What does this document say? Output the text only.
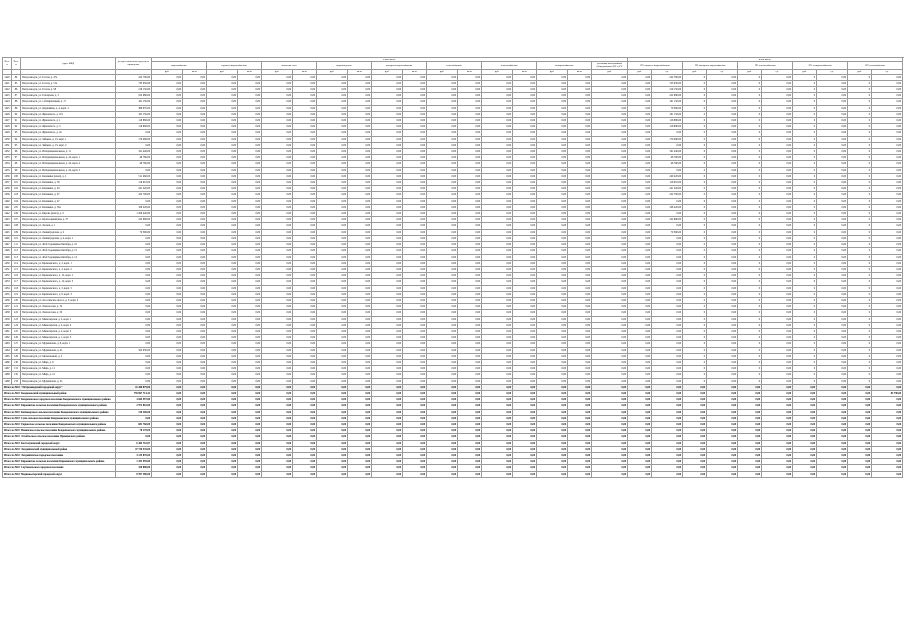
№ п/п	№ п/п	Адрес МКД	резерв заложенных средств на проведение	в том числе:																	в том числе:									
				водоснабжение		горячего водоснабжения		отопление стен		водоотведения		холодного водоснабжения		газоснабжения		теплоснабжения		электроснабжения		установка коллективных (общедомовых) ПУ и УУ	ПУ горячего водоснабжения		ПУ холодного водоснабжения		ПУ теплоснабжения		ПУ электроснабжения		ПУ газоснабжения	

				руб.	кв.м.	руб.	кв.м.	руб.	кв.м.	руб.	кв.м.	руб.	кв.м.	руб.	кв.м.	руб.	кв.м.	руб.	кв.м.	руб.	руб.	ед.	руб.	ед.	руб.	ед.	руб.	ед.	руб.	ед.
1420	84	Петрозаводск, ул. Гоголя, д. 47а	222 700,00	0,00	0,00	0,00	0,00	0,00	0,00	0,00	0,00	0,00	0,00	0,00	0,00	0,00	0,00	0,00	0,00	0,00	0,00	222 700,00	0	0,00	0	0,00	0	0,00	0	0,00
1421	85	Петрозаводск, ул. Гоголя, д. 51а	733 050,00	0,00	0,00	0,00	0,00	0,00	0,00	0,00	0,00	0,00	0,00	0,00	0,00	0,00	0,00	0,00	0,00	0,00	0,00	153 050,00	0	0,00	0	0,00	0	0,00	0	0,00
1422	86	Петрозаводск, ул. Гоголя, д. 58	216 150,00	0,00	0,00	0,00	0,00	0,00	0,00	0,00	0,00	0,00	0,00	0,00	0,00	0,00	0,00	0,00	0,00	0,00	0,00	216 150,00	0	0,00	0	0,00	0	0,00	0	0,00
1423	87	Петрозаводск, ул. Гончарова, д. 3	222 680,00	0,00	0,00	0,00	0,00	0,00	0,00	0,00	0,00	0,00	0,00	0,00	0,00	0,00	0,00	0,00	0,00	0,00	0,00	222 680,00	0	0,00	0	0,00	0	0,00	0	0,00
1424	88	Петрозаводск, ул. 1-й Кирпичный, д. 17	161 150,00	0,00	0,00	0,00	0,00	0,00	0,00	0,00	0,00	0,00	0,00	0,00	0,00	0,00	0,00	0,00	0,00	0,00	0,00	161 150,00	0	0,00	0	0,00	0	0,00	0	0,00
1425	89	Петрозаводск, ул. Державина, д. 4, корп. 2	389 970,00	0,00	0,00	0,00	0,00	0,00	0,00	0,00	0,00	0,00	0,00	0,00	0,00	0,00	0,00	0,00	0,00	0,00	0,00	70 390,00	0	0,00	0	0,00	0	0,00	0	0,00
1426	90	Петрозаводск, ул. Жуковского, д. 47а	161 150,00	0,00	0,00	0,00	0,00	0,00	0,00	0,00	0,00	0,00	0,00	0,00	0,00	0,00	0,00	0,00	0,00	0,00	0,00	161 150,00	0	0,00	0	0,00	0	0,00	0	0,00
1427	91	Петрозаводск, ул. Жуковского, д. 1	116 880,00	0,00	0,00	0,00	0,00	0,00	0,00	0,00	0,00	0,00	0,00	0,00	0,00	0,00	0,00	0,00	0,00	0,00	0,00	116 880,00	0	0,00	0	0,00	0	0,00	0	0,00
1428	92	Петрозаводск, ул. Жуковского, д. 3	116 880,00	0,00	0,00	0,00	0,00	0,00	0,00	0,00	0,00	0,00	0,00	0,00	0,00	0,00	0,00	0,00	0,00	0,00	0,00	116 880,00	0	0,00	0	0,00	0	0,00	0	0,00
1429	93	Петрозаводск, ул. Жуковского, д. 4а	0,00	0,00	0,00	0,00	0,00	0,00	0,00	0,00	0,00	0,00	0,00	0,00	0,00	0,00	0,00	0,00	0,00	0,00	0,00	0,00	0	0,00	0	0,00	0	0,00	0	0,00
1430	94	Петрозаводск, ул. Зайцева, д. 13, корп. 1	170 480,00	0,00	0,00	0,00	0,00	0,00	0,00	0,00	0,00	0,00	0,00	0,00	0,00	0,00	0,00	0,00	0,00	0,00	0,00	170 480,00	0	0,00	0	0,00	0	0,00	0	0,00
1431	95	Петрозаводск, ул. Зайцева, д. 13, корп. 2	0,00	0,00	0,00	0,00	0,00	0,00	0,00	0,00	0,00	0,00	0,00	0,00	0,00	0,00	0,00	0,00	0,00	0,00	0,00	0,00	0	0,00	0	0,00	0	0,00	0	0,00
1432	96	Петрозаводск, ул. Интернациональная, д. 11	191 440,00	0,00	0,00	0,00	0,00	0,00	0,00	0,00	0,00	0,00	0,00	0,00	0,00	0,00	0,00	0,00	0,00	0,00	0,00	191 440,00	0	0,00	0	0,00	0	0,00	0	0,00
1433	97	Петрозаводск, ул. Интернациональная, д. 24, корп. 1	46 760,00	0,00	0,00	0,00	0,00	0,00	0,00	0,00	0,00	0,00	0,00	0,00	0,00	0,00	0,00	0,00	0,00	0,00	0,00	46 760,00	0	0,00	0	0,00	0	0,00	0	0,00
1434	98	Петрозаводск, ул. Интернациональная, д. 24, корп. 4	46 760,00	0,00	0,00	0,00	0,00	0,00	0,00	0,00	0,00	0,00	0,00	0,00	0,00	0,00	0,00	0,00	0,00	0,00	0,00	46 760,00	0	0,00	0	0,00	0	0,00	0	0,00
1435	99	Петрозаводск, ул. Интернациональная, д. 24, корп. 3	0,00	0,00	0,00	0,00	0,00	0,00	0,00	0,00	0,00	0,00	0,00	0,00	0,00	0,00	0,00	0,00	0,00	0,00	0,00	0,00	0	0,00	0	0,00	0	0,00	0	0,00
1436	100	Петрозаводск, ул. Калинина (ключ), д. 1	511 460,00	0,00	0,00	0,00	0,00	0,00	0,00	0,00	0,00	0,00	0,00	0,00	0,00	0,00	0,00	0,00	0,00	0,00	0,00	240 220,00	0	0,00	0	0,00	0	0,00	0	0,00
1437	101	Петрозаводск, ул. Калинина, д. 39	116 010,00	0,00	0,00	0,00	0,00	0,00	0,00	0,00	0,00	0,00	0,00	0,00	0,00	0,00	0,00	0,00	0,00	0,00	0,00	116 010,00	0	0,00	0	0,00	0	0,00	0	0,00
1438	102	Петрозаводск, ул. Калинина, д. 43	241 220,00	0,00	0,00	0,00	0,00	0,00	0,00	0,00	0,00	0,00	0,00	0,00	0,00	0,00	0,00	0,00	0,00	0,00	0,00	241 220,00	0	0,00	0	0,00	0	0,00	0	0,00
1439	103	Петрозаводск, ул. Калинина, д. 47	222 700,00	0,00	0,00	0,00	0,00	0,00	0,00	0,00	0,00	0,00	0,00	0,00	0,00	0,00	0,00	0,00	0,00	0,00	0,00	222 700,00	0	0,00	0	0,00	0	0,00	0	0,00
1440	104	Петрозаводск, ул. Калинина, д. 47	0,00	0,00	0,00	0,00	0,00	0,00	0,00	0,00	0,00	0,00	0,00	0,00	0,00	0,00	0,00	0,00	0,00	0,00	0,00	0,00	0	0,00	0	0,00	0	0,00	0	0,00
1441	105	Петрозаводск, ул. Калинина, д. 50а	108 220,00	0,00	0,00	0,00	0,00	0,00	0,00	0,00	0,00	0,00	0,00	0,00	0,00	0,00	0,00	0,00	0,00	0,00	0,00	108 220,00	0	0,00	0	0,00	0	0,00	0	0,00
1442	106	Петрозаводск, ул. Кирова (ключ), д. 4	1 209 440,00	0,00	0,00	0,00	0,00	0,00	0,00	0,00	0,00	0,00	0,00	0,00	0,00	0,00	0,00	0,00	0,00	0,00	0,00	0,00	0	0,00	0	0,00	0	0,00	0	0,00
1443	107	Петрозаводск, ул. Красноармейская, д. 37	222 680,00	0,00	0,00	0,00	0,00	0,00	0,00	0,00	0,00	0,00	0,00	0,00	0,00	0,00	0,00	0,00	0,00	0,00	0,00	222 680,00	0	0,00	0	0,00	0	0,00	0	0,00
1444	108	Петрозаводск, ул. Лесная, д. 1	0,00	0,00	0,00	0,00	0,00	0,00	0,00	0,00	0,00	0,00	0,00	0,00	0,00	0,00	0,00	0,00	0,00	0,00	0,00	0,00	0	0,00	0	0,00	0	0,00	0	0,00
1445	109	Петрозаводск, ул. Ленинградская, д. 2	70 390,00	0,00	0,00	0,00	0,00	0,00	0,00	0,00	0,00	0,00	0,00	0,00	0,00	0,00	0,00	0,00	0,00	0,00	0,00	70 390,00	0	0,00	0	0,00	0	0,00	0	0,00
1446	110	Петрозаводск, ул. Ленинградская, д. 4, корп. 1	0,00	0,00	0,00	0,00	0,00	0,00	0,00	0,00	0,00	0,00	0,00	0,00	0,00	0,00	0,00	0,00	0,00	0,00	0,00	0,00	0	0,00	0	0,00	0	0,00	0	0,00
1447	111	Петрозаводск, ул. 40-й Годовщины Октября, д. 10	0,00	0,00	0,00	0,00	0,00	0,00	0,00	0,00	0,00	0,00	0,00	0,00	0,00	0,00	0,00	0,00	0,00	0,00	0,00	0,00	0	0,00	0	0,00	0	0,00	0	0,00
1448	112	Петрозаводск, ул. 40-й Годовщины Октября, д. 12	0,00	0,00	0,00	0,00	0,00	0,00	0,00	0,00	0,00	0,00	0,00	0,00	0,00	0,00	0,00	0,00	0,00	0,00	0,00	0,00	0	0,00	0	0,00	0	0,00	0	0,00
1449	113	Петрозаводск, ул. 40-й Годовщины Октября, д. 14	0,00	0,00	0,00	0,00	0,00	0,00	0,00	0,00	0,00	0,00	0,00	0,00	0,00	0,00	0,00	0,00	0,00	0,00	0,00	0,00	0	0,00	0	0,00	0	0,00	0	0,00
1450	114	Петрозаводск, ул. Кремлевского, д. 2, корп. 1	0,00	0,00	0,00	0,00	0,00	0,00	0,00	0,00	0,00	0,00	0,00	0,00	0,00	0,00	0,00	0,00	0,00	0,00	0,00	0,00	0	0,00	0	0,00	0	0,00	0	0,00
1451	115	Петрозаводск, ул. Кремлевского, д. 2, корп. 2	0,00	0,00	0,00	0,00	0,00	0,00	0,00	0,00	0,00	0,00	0,00	0,00	0,00	0,00	0,00	0,00	0,00	0,00	0,00	0,00	0	0,00	0	0,00	0	0,00	0	0,00
1452	116	Петрозаводск, ул. Кремлевского, д. 12, корп. 1	0,00	0,00	0,00	0,00	0,00	0,00	0,00	0,00	0,00	0,00	0,00	0,00	0,00	0,00	0,00	0,00	0,00	0,00	0,00	0,00	0	0,00	0	0,00	0	0,00	0	0,00
1453	117	Петрозаводск, ул. Кремлевского, д. 12, корп. 3	0,00	0,00	0,00	0,00	0,00	0,00	0,00	0,00	0,00	0,00	0,00	0,00	0,00	0,00	0,00	0,00	0,00	0,00	0,00	0,00	0	0,00	0	0,00	0	0,00	0	0,00
1454	118	Петрозаводск, ул. Кремлевского, д. 3, корп. 5	0,00	0,00	0,00	0,00	0,00	0,00	0,00	0,00	0,00	0,00	0,00	0,00	0,00	0,00	0,00	0,00	0,00	0,00	0,00	0,00	0	0,00	0	0,00	0	0,00	0	0,00
1455	119	Петрозаводск, ул. Кремлевского, д. 8, корп. 3	0,00	0,00	0,00	0,00	0,00	0,00	0,00	0,00	0,00	0,00	0,00	0,00	0,00	0,00	0,00	0,00	0,00	0,00	0,00	0,00	0	0,00	0	0,00	0	0,00	0	0,00
1456	120	Петрозаводск, ул. Лососинское шоссе, д. 3, корп. 3	0,00	0,00	0,00	0,00	0,00	0,00	0,00	0,00	0,00	0,00	0,00	0,00	0,00	0,00	0,00	0,00	0,00	0,00	0,00	0,00	0	0,00	0	0,00	0	0,00	0	0,00
1457	121	Петрозаводск, ул. Ломоносова, д. 3а	0,00	0,00	0,00	0,00	0,00	0,00	0,00	0,00	0,00	0,00	0,00	0,00	0,00	0,00	0,00	0,00	0,00	0,00	0,00	0,00	0	0,00	0	0,00	0	0,00	0	0,00
1458	122	Петрозаводск, ул. Ломоносова, д. 3б	0,00	0,00	0,00	0,00	0,00	0,00	0,00	0,00	0,00	0,00	0,00	0,00	0,00	0,00	0,00	0,00	0,00	0,00	0,00	0,00	0	0,00	0	0,00	0	0,00	0	0,00
1459	123	Петрозаводск, ул. Машезерская, д. 2, корп. 1	0,00	0,00	0,00	0,00	0,00	0,00	0,00	0,00	0,00	0,00	0,00	0,00	0,00	0,00	0,00	0,00	0,00	0,00	0,00	0,00	0	0,00	0	0,00	0	0,00	0	0,00
1460	124	Петрозаводск, ул. Машезерская, д. 2, корп. 2	0,00	0,00	0,00	0,00	0,00	0,00	0,00	0,00	0,00	0,00	0,00	0,00	0,00	0,00	0,00	0,00	0,00	0,00	0,00	0,00	0	0,00	0	0,00	0	0,00	0	0,00
1461	125	Петрозаводск, ул. Машезерская, д. 2, корп. 3	0,00	0,00	0,00	0,00	0,00	0,00	0,00	0,00	0,00	0,00	0,00	0,00	0,00	0,00	0,00	0,00	0,00	0,00	0,00	0,00	0	0,00	0	0,00	0	0,00	0	0,00
1462	126	Петрозаводск, ул. Машезерская, д. 1, корп. 5	0,00	0,00	0,00	0,00	0,00	0,00	0,00	0,00	0,00	0,00	0,00	0,00	0,00	0,00	0,00	0,00	0,00	0,00	0,00	0,00	0	0,00	0	0,00	0	0,00	0	0,00
1463	127	Петрозаводск, ул. Мурманская, д. 6, корп. 1	0,00	0,00	0,00	0,00	0,00	0,00	0,00	0,00	0,00	0,00	0,00	0,00	0,00	0,00	0,00	0,00	0,00	0,00	0,00	0,00	0	0,00	0	0,00	0	0,00	0	0,00
1464	128	Петрозаводск, ул. Мурманская, д. 41	322 950,00	0,00	0,00	0,00	0,00	0,00	0,00	0,00	0,00	0,00	0,00	0,00	0,00	0,00	0,00	0,00	0,00	0,00	0,00	0,00	0	0,00	0	0,00	0	0,00	0	0,00
1465	129	Петрозаводск, ул. Мелентьевой, д. 2	0,00	0,00	0,00	0,00	0,00	0,00	0,00	0,00	0,00	0,00	0,00	0,00	0,00	0,00	0,00	0,00	0,00	0,00	0,00	0,00	0	0,00	0	0,00	0	0,00	0	0,00
1466	130	Петрозаводск, ул. Мира, д. 6	0,00	0,00	0,00	0,00	0,00	0,00	0,00	0,00	0,00	0,00	0,00	0,00	0,00	0,00	0,00	0,00	0,00	0,00	0,00	0,00	0	0,00	0	0,00	0	0,00	0	0,00
1467	131	Петрозаводск, ул. Мира, д. 11	0,00	0,00	0,00	0,00	0,00	0,00	0,00	0,00	0,00	0,00	0,00	0,00	0,00	0,00	0,00	0,00	0,00	0,00	0,00	0,00	0	0,00	0	0,00	0	0,00	0	0,00
1468	132	Петрозаводск, ул. Мира, д. 12	0,00	0,00	0,00	0,00	0,00	0,00	0,00	0,00	0,00	0,00	0,00	0,00	0,00	0,00	0,00	0,00	0,00	0,00	0,00	0,00	0	0,00	0	0,00	0	0,00	0	0,00
1469	133	Петрозаводск, ул. Мурманская, д. 3а	0,00	0,00	0,00	0,00	0,00	0,00	0,00	0,00	0,00	0,00	0,00	0,00	0,00	0,00	0,00	0,00	0,00	0,00	0,00	0,00	0	0,00	0	0,00	0	0,00	0	0,00
Итого по МО: "Петрозаводский городской округ"			41 460 879,00	0,00	0,00	0,00	0,00	0,00	0,00	0,00	0,00	0,00	0,00	0,00	0,00	0,00	0,00	0,00	0,00	0,00	0,00	0,00	0,00	0,00	0,00	0,00	0,00	0,00	0,00	0,00
Итого по МО: Кондопожский муниципальный район			759 867 714,42	0,00	0,00	0,00	0,00	0,00	0,00	0,00	0,00	0,00	0,00	0,00	0,00	0,00	0,00	0,00	0,00	0,00	0,00	0,00	0,00	0,00	0,00	0,00	0,00	0,00	0,00	83 790,00
Итого по МО: Кондопожское городское поселение Кондопожского муниципального района			4 664 597,80	0,00	0,00	0,00	0,00	0,00	0,00	0,00	0,00	0,00	0,00	0,00	0,00	0,00	0,00	0,00	0,00	0,00	0,00	0,00	0,00	0,00	0,00	0,00	0,00	0,00	0,00	0,00
Итого по МО: Кирьинское сельское поселение Кондопожского муниципального района			2 972 810,00	0,00	0,00	0,00	0,00	0,00	0,00	0,00	0,00	0,00	0,00	0,00	0,00	0,00	0,00	0,00	0,00	0,00	0,00	0,00	0,00	0,00	0,00	0,00	0,00	0,00	0,00	0,00
Итого по МО: Кончезерское сельское поселение Кондопожского муниципального района			210 300,00	0,00	0,00	0,00	0,00	0,00	0,00	0,00	0,00	0,00	0,00	0,00	0,00	0,00	0,00	0,00	0,00	0,00	0,00	0,00	0,00	0,00	0,00	0,00	0,00	0,00	0,00	0,00
Итого по МО: Суна сельское поселение Кондопожского муниципального района			0,00	0,00	0,00	0,00	0,00	0,00	0,00	0,00	0,00	0,00	0,00	0,00	0,00	0,00	0,00	0,00	0,00	0,00	0,00	0,00	0,00	0,00	0,00	0,00	0,00	0,00	0,00	0,00
Итого по МО: Гирвасское сельское поселение Кондопожского муниципального района			681 760,00	0,00	0,00	0,00	0,00	0,00	0,00	0,00	0,00	0,00	0,00	0,00	0,00	0,00	0,00	0,00	0,00	0,00	0,00	0,00	0,00	0,00	0,00	0,00	0,00	0,00	0,00	0,00
Итого по МО: Новинское сельское поселение Кондопожского муниципального района			78 170,00	0,00	0,00	0,00	0,00	0,00	0,00	0,00	0,00	0,00	0,00	0,00	0,00	0,00	0,00	0,00	0,00	0,00	0,00	0,00	0,00	0,00	0,00	0,00	0,00	0,00	0,00	0,00
Итого по МО: Эссойльское сельское поселение Пряжинского района			0,00	0,00	0,00	0,00	0,00	0,00	0,00	0,00	0,00	0,00	0,00	0,00	0,00	0,00	0,00	0,00	0,00	0,00	0,00	0,00	0,00	0,00	0,00	0,00	0,00	0,00	0,00	0,00
Итого по МО: Костомукшский городской округ			6 464 710,87	0,00	0,00	0,00	0,00	0,00	0,00	0,00	0,00	0,00	0,00	0,00	0,00	0,00	0,00	0,00	0,00	0,00	0,00	0,00	0,00	0,00	0,00	0,00	0,00	0,00	0,00	0,00
Итого по МО: Лахденпохский муниципальный район			47 730 535,00	0,00	0,00	0,00	0,00	0,00	0,00	0,00	0,00	0,00	0,00	0,00	0,00	0,00	0,00	0,00	0,00	0,00	0,00	0,00	0,00	0,00	0,00	0,00	0,00	0,00	0,00	0,00
Итого по МО: Лахденпохское городское поселение			4 135 870,00	0,00	0,00	0,00	0,00	0,00	0,00	0,00	0,00	0,00	0,00	0,00	0,00	0,00	0,00	0,00	0,00	0,00	0,00	0,00	0,00	0,00	0,00	0,00	0,00	0,00	0,00	0,00
Итого по МО: Кирьинское сельское поселение Кирьинского муниципального района			1 201 995,00	0,00	0,00	0,00	0,00	0,00	0,00	0,00	0,00	0,00	0,00	0,00	0,00	0,00	0,00	0,00	0,00	0,00	0,00	0,00	0,00	0,00	0,00	0,00	0,00	0,00	0,00	0,00
Итого по МО: Сортавальское городское поселение			330 880,00	0,00	0,00	0,00	0,00	0,00	0,00	0,00	0,00	0,00	0,00	0,00	0,00	0,00	0,00	0,00	0,00	0,00	0,00	0,00	0,00	0,00	0,00	0,00	0,00	0,00	0,00	0,00
Итого по МО: Медвежьегорский городской округ			8 597 380,00	0,00	0,00	0,00	0,00	0,00	0,00	0,00	0,00	0,00	0,00	0,00	0,00	0,00	0,00	0,00	0,00	0,00	0,00	0,00	0,00	0,00	0,00	0,00	0,00	0,00	0,00	0,00
